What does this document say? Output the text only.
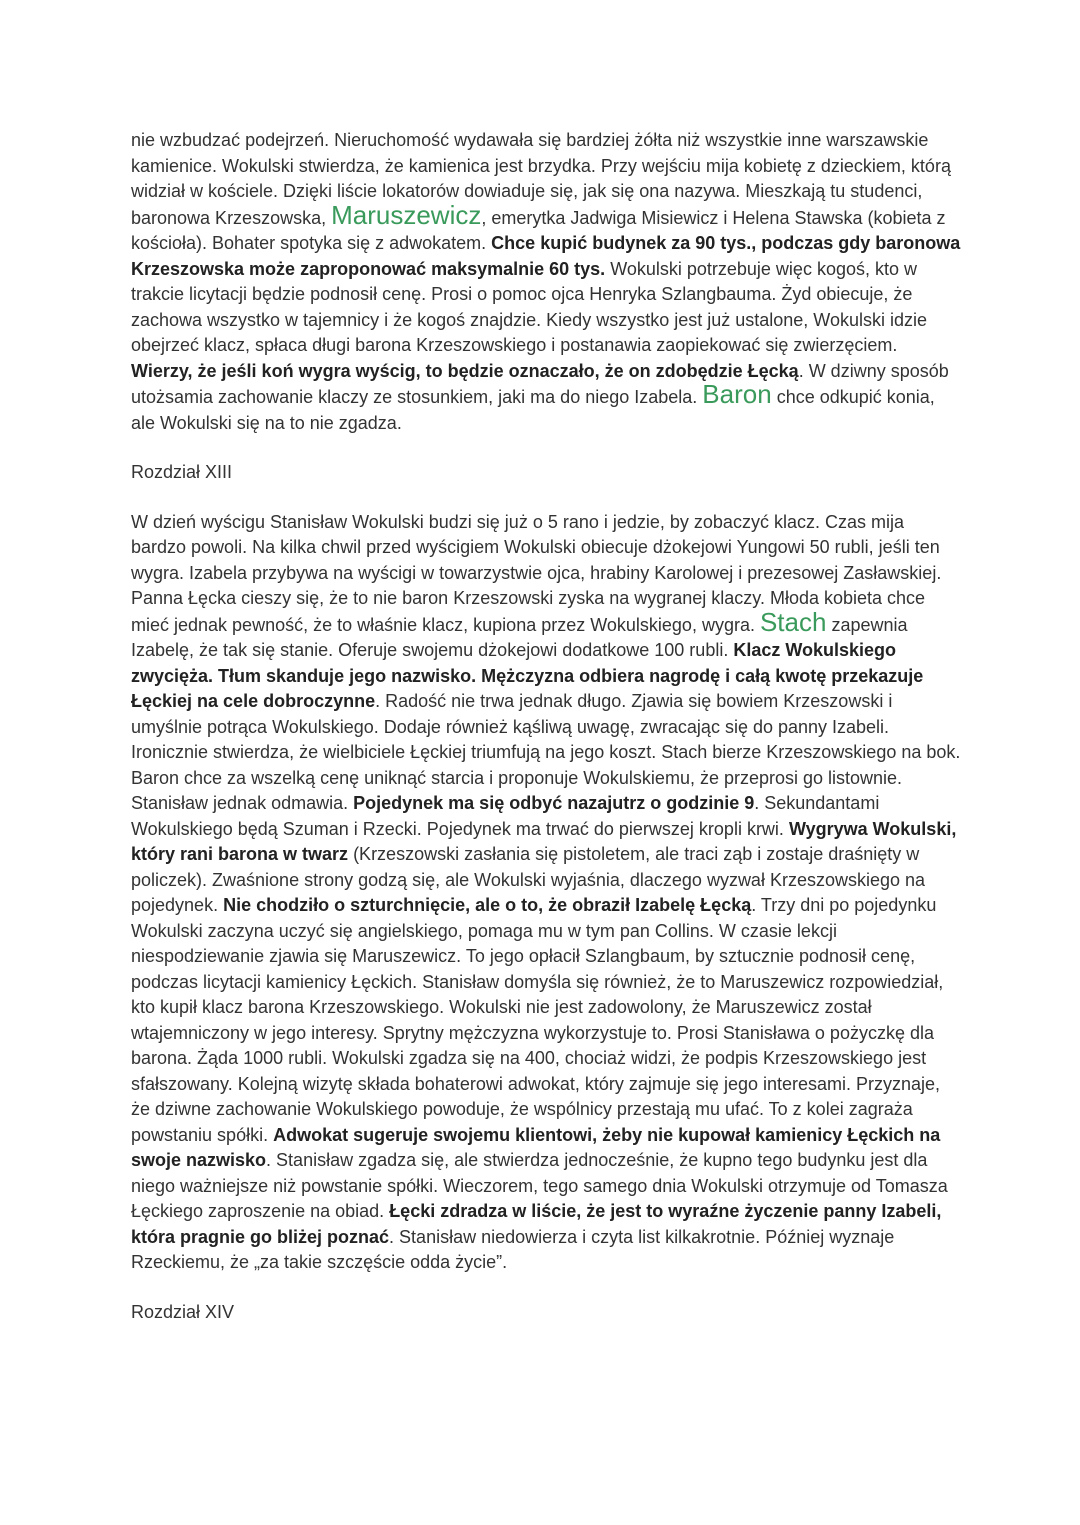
nie wzbudzać podejrzeń. Nieruchomość wydawała się bardziej żółta niż wszystkie inne warszawskie kamienice. Wokulski stwierdza, że kamienica jest brzydka. Przy wejściu mija kobietę z dzieckiem, którą widział w kościele. Dzięki liście lokatorów dowiaduje się, jak się ona nazywa. Mieszkają tu studenci, baronowa Krzeszowska, Maruszewicz, emerytka Jadwiga Misiewicz i Helena Stawska (kobieta z kościoła). Bohater spotyka się z adwokatem. Chce kupić budynek za 90 tys., podczas gdy baronowa Krzeszowska może zaproponować maksymalnie 60 tys. Wokulski potrzebuje więc kogoś, kto w trakcie licytacji będzie podnosił cenę. Prosi o pomoc ojca Henryka Szlangbauma. Żyd obiecuje, że zachowa wszystko w tajemnicy i że kogoś znajdzie. Kiedy wszystko jest już ustalone, Wokulski idzie obejrzeć klacz, spłaca długi barona Krzeszowskiego i postanawia zaopiekować się zwierzęciem. Wierzy, że jeśli koń wygra wyścig, to będzie oznaczało, że on zdobędzie Łęcką. W dziwny sposób utożsamia zachowanie klaczy ze stosunkiem, jaki ma do niego Izabela. Baron chce odkupić konia, ale Wokulski się na to nie zgadza.

Rozdział XIII

W dzień wyścigu Stanisław Wokulski budzi się już o 5 rano i jedzie, by zobaczyć klacz. Czas mija bardzo powoli. Na kilka chwil przed wyścigiem Wokulski obiecuje dżokejowi Yungowi 50 rubli, jeśli ten wygra. Izabela przybywa na wyścigi w towarzystwie ojca, hrabiny Karolowej i prezesowej Zasławskiej. Panna Łęcka cieszy się, że to nie baron Krzeszowski zyska na wygranej klaczy. Młoda kobieta chce mieć jednak pewność, że to właśnie klacz, kupiona przez Wokulskiego, wygra. Stach zapewnia Izabelę, że tak się stanie. Oferuje swojemu dżokejowi dodatkowe 100 rubli. Klacz Wokulskiego zwycięża. Tłum skanduje jego nazwisko. Mężczyzna odbiera nagrodę i całą kwotę przekazuje Łęckiej na cele dobroczynne. Radość nie trwa jednak długo. Zjawia się bowiem Krzeszowski i umyślnie potrąca Wokulskiego. Dodaje również kąśliwą uwagę, zwracając się do panny Izabeli. Ironicznie stwierdza, że wielbiciele Łęckiej triumfują na jego koszt. Stach bierze Krzeszowskiego na bok. Baron chce za wszelką cenę uniknąć starcia i proponuje Wokulskiemu, że przeprosi go listownie. Stanisław jednak odmawia. Pojedynek ma się odbyć nazajutrz o godzinie 9. Sekundantami Wokulskiego będą Szuman i Rzecki. Pojedynek ma trwać do pierwszej kropli krwi. Wygrywa Wokulski, który rani barona w twarz (Krzeszowski zasłania się pistoletem, ale traci ząb i zostaje draśnięty w policzek). Zwaśnione strony godzą się, ale Wokulski wyjaśnia, dlaczego wyzwał Krzeszowskiego na pojedynek. Nie chodziło o szturchnięcie, ale o to, że obraził Izabelę Łęcką. Trzy dni po pojedynku Wokulski zaczyna uczyć się angielskiego, pomaga mu w tym pan Collins. W czasie lekcji niespodziewanie zjawia się Maruszewicz. To jego opłacił Szlangbaum, by sztucznie podnosił cenę, podczas licytacji kamienicy Łęckich. Stanisław domyśla się również, że to Maruszewicz rozpowiedział, kto kupił klacz barona Krzeszowskiego. Wokulski nie jest zadowolony, że Maruszewicz został wtajemniczony w jego interesy. Sprytny mężczyzna wykorzystuje to. Prosi Stanisława o pożyczkę dla barona. Żąda 1000 rubli. Wokulski zgadza się na 400, chociaż widzi, że podpis Krzeszowskiego jest sfałszowany. Kolejną wizytę składa bohaterowi adwokat, który zajmuje się jego interesami. Przyznaje, że dziwne zachowanie Wokulskiego powoduje, że wspólnicy przestają mu ufać. To z kolei zagraża powstaniu spółki. Adwokat sugeruje swojemu klientowi, żeby nie kupował kamienicy Łęckich na swoje nazwisko. Stanisław zgadza się, ale stwierdza jednocześnie, że kupno tego budynku jest dla niego ważniejsze niż powstanie spółki. Wieczorem, tego samego dnia Wokulski otrzymuje od Tomasza Łęckiego zaproszenie na obiad. Łęcki zdradza w liście, że jest to wyraźne życzenie panny Izabeli, która pragnie go bliżej poznać. Stanisław niedowierza i czyta list kilkakrotnie. Później wyznaje Rzeckiemu, że „za takie szczęście odda życie”.

Rozdział XIV
